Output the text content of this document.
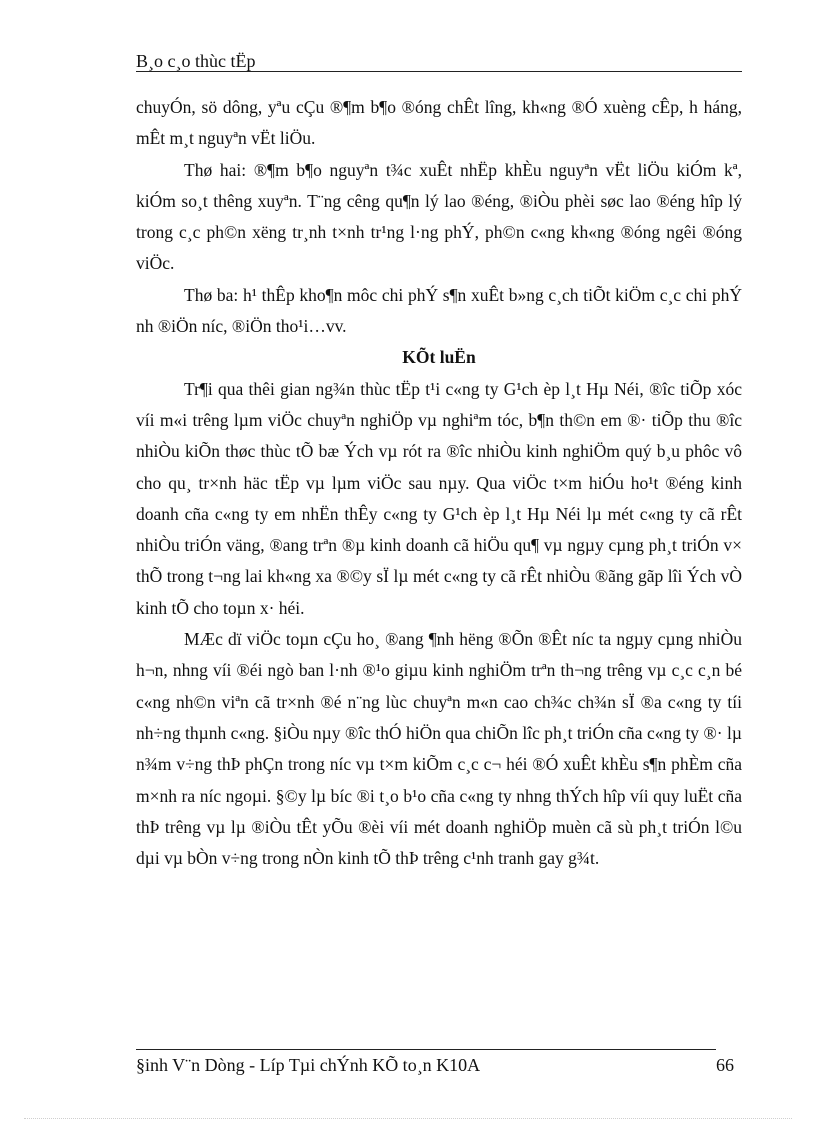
B¸o c¸o thùc tËp

chuyÓn, sö dông, yªu cÇu ®¶m b¶o ®óng chÊt lîng, kh«ng ®Ó xuèng cÊp, h háng, mÊt m¸t nguyªn vËt liÖu.

Thø hai: ®¶m b¶o nguyªn t¾c xuÊt nhËp khÈu nguyªn vËt liÖu kiÓm kª, kiÓm so¸t thêng xuyªn. T¨ng cêng qu¶n lý lao ®éng, ®iÒu phèi søc lao ®éng hîp lý trong c¸c ph©n xëng tr¸nh t×nh tr¹ng l·ng phÝ, ph©n c«ng kh«ng ®óng ngêi ®óng viÖc.

Thø ba: h¹ thÊp kho¶n môc chi phÝ s¶n xuÊt b»ng c¸ch tiÕt kiÖm c¸c chi phÝ nh ®iÖn níc, ®iÖn tho¹i…vv.

KÕt luËn

Tr¶i qua thêi gian ng¾n thùc tËp t¹i c«ng ty G¹ch èp l¸t Hµ Néi, ®îc tiÕp xóc víi m«i trêng lµm viÖc chuyªn nghiÖp vµ nghiªm tóc, b¶n th©n em ®· tiÕp thu ®îc nhiÒu kiÕn thøc thùc tÕ bæ Ých vµ rót ra ®îc nhiÒu kinh nghiÖm quý b¸u phôc vô cho qu¸ tr×nh häc tËp vµ lµm viÖc sau nµy. Qua viÖc t×m hiÓu ho¹t ®éng kinh doanh cña c«ng ty em nhËn thÊy c«ng ty G¹ch èp l¸t Hµ Néi lµ mét c«ng ty cã rÊt nhiÒu triÓn väng, ®ang trªn ®µ kinh doanh cã hiÖu qu¶ vµ ngµy cµng ph¸t triÓn v× thÕ trong t¬ng lai kh«ng xa ®©y sÏ lµ mét c«ng ty cã rÊt nhiÒu ®ãng gãp lîi Ých vÒ kinh tÕ cho toµn x· héi.

MÆc dï viÖc toµn cÇu ho¸ ®ang ¶nh hëng ®Õn ®Êt níc ta ngµy cµng nhiÒu h¬n, nhng víi ®éi ngò ban l·nh ®¹o giµu kinh nghiÖm trªn th¬ng trêng vµ c¸c c¸n bé c«ng nh©n viªn cã tr×nh ®é n¨ng lùc chuyªn m«n cao ch¾c ch¾n sÏ ®a c«ng ty tíi nh÷ng thµnh c«ng. §iÒu nµy ®îc thÓ hiÖn qua chiÕn lîc ph¸t triÓn cña c«ng ty ®· lµ n¾m v÷ng thÞ phÇn trong níc vµ t×m kiÕm c¸c c¬ héi ®Ó xuÊt khÈu s¶n phÈm cña m×nh ra níc ngoµi. §©y lµ bíc ®i t¸o b¹o cña c«ng ty nhng thÝch hîp víi quy luËt cña thÞ trêng vµ lµ ®iÒu tÊt yÕu ®èi víi mét doanh nghiÖp muèn cã sù ph¸t triÓn l©u dµi vµ bÒn v÷ng trong nÒn kinh tÕ thÞ trêng c¹nh tranh gay g¾t.

§inh V¨n Dòng - Líp Tµi chÝnh KÕ to¸n K10A	66
